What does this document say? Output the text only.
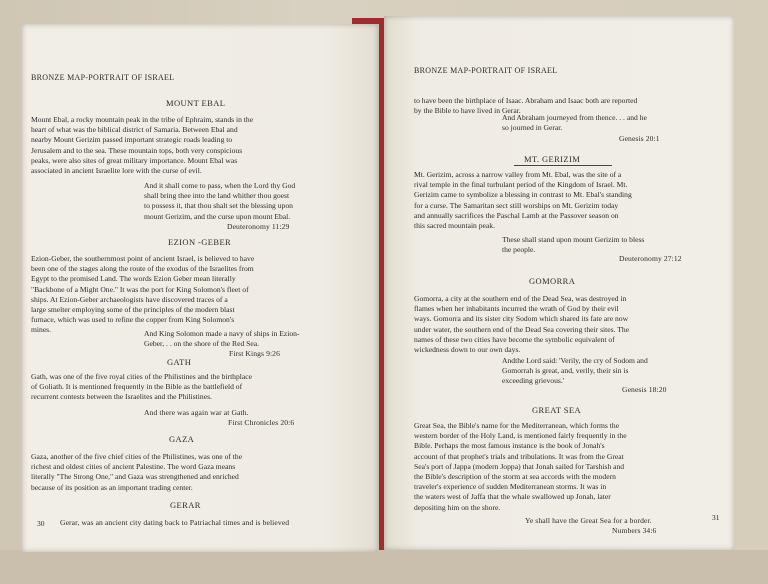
BRONZE MAP-PORTRAIT OF ISRAEL
MOUNT EBAL
Mount Ebal, a rocky mountain peak in the tribe of Ephraim, stands in the
heart of what was the biblical district of Samaria. Between Ebal and
nearby Mount Gerizim passed important strategic roads leading to
Jerusalem and to the sea. These mountain tops, both very conspicious
peaks, were also sites of great military importance. Mount Ebal was
associated in ancient Israelite lore with the curse of evil.
And it shall come to pass, when the Lord thy God
shall bring thee into the land whither thou goest
to possess it, that thou shalt set the blessing upon
mount Gerizim, and the curse upon mount Ebal.
Deuteronomy 11:29
EZION -GEBER
Ezion-Geber, the southernmost point of ancient Israel, is believed to have
been one of the stages along the route of the exodus of the Israelites from
Egypt to the promised Land. The words Ezion Geber mean literally
"Backbone of a Might One." It was the port for King Solomon's fleet of
ships. At Ezion-Geber archaeologists have discovered traces of a
large smelter employing some of the principles of the modern blast
furnace, which was used to refine the copper from King Solomon's
mines.	And King Solomon made a navy of ships in Ezion-
Geber, . . on the shore of the Red Sea.
First Kings 9:26
GATH
Gath, was one of the five royal cities of the Philistines and the birthplace
of Goliath. It is mentioned frequently in the Bible as the battlefield of
recurrent contests between the Israelites and the Philistines.
And there was again war at Gath.
First Chronicles 20:6
GAZA
Gaza, another of the five chief cities of the Philistines, was one of the
richest and oldest cities of ancient Palestine. The word Gaza means
literally "The Strong One," and Gaza was strengthened and enriched
because of its position as an important trading center.
GERAR
30 Gerar, was an ancient city dating back to Patriachal times and is believed
BRONZE MAP-PORTRAIT OF ISRAEL
to have been the birthplace of Isaac. Abraham and Isaac both are reported
by the Bible to have lived in Gerar.
And Abraham journeyed from thence. . . and he
so journed in Gerar.
Genesis 20:1
MT. GERIZIM
Mt. Gerizim, across a narrow valley from Mt. Ebal, was the site of a
rival temple in the final turbulant period of the Kingdom of Israel. Mt.
Gerizim came to symbolize a blessing in contrast to Mt. Ebal's standing
for a curse. The Samaritan sect still worships on Mt. Gerizim today
and annually sacrifices the Paschal Lamb at the Passover season on
this sacred mountain peak.
These shall stand upon mount Gerizim to bless
the people.
Deuteronomy 27:12
GOMORRA
Gomorra, a city at the southern end of the Dead Sea, was destroyed in
flames when her inhabitants incurred the wrath of God by their evil
ways. Gomorra and its sister city Sodom which shared its fate are now
under water, the southern end of the Dead Sea covering their sites. The
names of these two cities have become the symbolic equivalent of
wickedness down to our own days.
Andthe Lord said: 'Verily, the cry of Sodom and
Gomorrah is great, and, verily, their sin is
exceeding grievous.'
Genesis 18:20
GREAT SEA
Great Sea, the Bible's name for the Mediterranean, which forms the
western border of the Holy Land, is mentioned fairly frequently in the
Bible. Perhaps the most famous instance is the book of Jonah's
account of that prophet's trials and tribulations. It was from the Great
Sea's port of Jappa (modern Joppa) that Jonah sailed for Tarshish and
the Bible's description of the storm at sea accords with the modern
traveler's experience of sudden Mediterranean storms. It was in
the waters west of Jaffa that the whale swallowed up Jonah, later
depositing him on the shore.
Ye shall have the Great Sea for a border.
Numbers 34:6
31
